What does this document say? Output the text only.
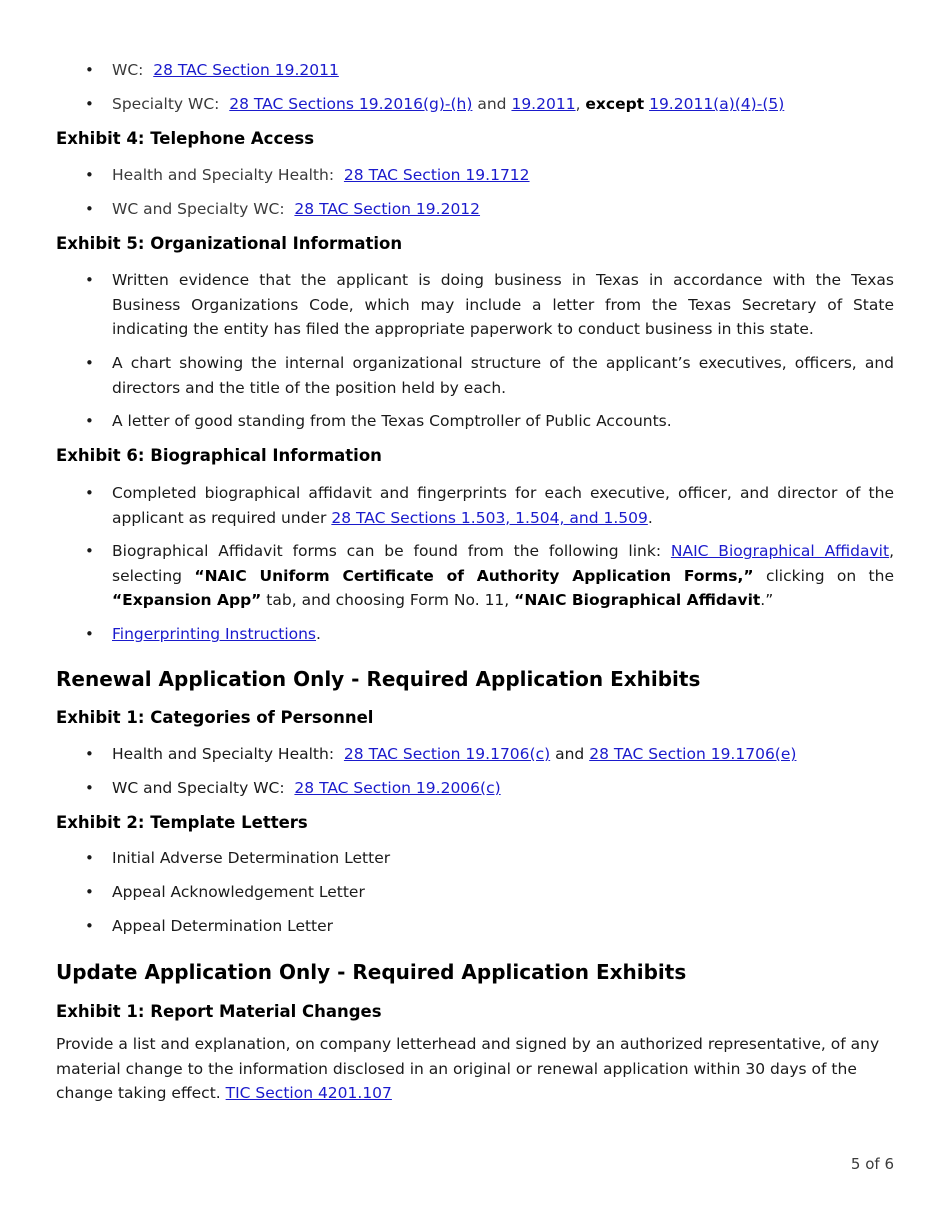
• WC: 28 TAC Section 19.2011
• Specialty WC: 28 TAC Sections 19.2016(g)-(h) and 19.2011, except 19.2011(a)(4)-(5)
Exhibit 4: Telephone Access
• Health and Specialty Health: 28 TAC Section 19.1712
• WC and Specialty WC: 28 TAC Section 19.2012
Exhibit 5: Organizational Information
• Written evidence that the applicant is doing business in Texas in accordance with the Texas Business Organizations Code, which may include a letter from the Texas Secretary of State indicating the entity has filed the appropriate paperwork to conduct business in this state.
• A chart showing the internal organizational structure of the applicant’s executives, officers, and directors and the title of the position held by each.
• A letter of good standing from the Texas Comptroller of Public Accounts.
Exhibit 6: Biographical Information
• Completed biographical affidavit and fingerprints for each executive, officer, and director of the applicant as required under 28 TAC Sections 1.503, 1.504, and 1.509.
• Biographical Affidavit forms can be found from the following link: NAIC Biographical Affidavit, selecting “NAIC Uniform Certificate of Authority Application Forms,” clicking on the “Expansion App” tab, and choosing Form No. 11, “NAIC Biographical Affidavit.”
• Fingerprinting Instructions.
Renewal Application Only - Required Application Exhibits
Exhibit 1: Categories of Personnel
• Health and Specialty Health: 28 TAC Section 19.1706(c) and 28 TAC Section 19.1706(e)
• WC and Specialty WC: 28 TAC Section 19.2006(c)
Exhibit 2: Template Letters
• Initial Adverse Determination Letter
• Appeal Acknowledgement Letter
• Appeal Determination Letter
Update Application Only - Required Application Exhibits
Exhibit 1: Report Material Changes
Provide a list and explanation, on company letterhead and signed by an authorized representative, of any material change to the information disclosed in an original or renewal application within 30 days of the change taking effect. TIC Section 4201.107
5 of 6
